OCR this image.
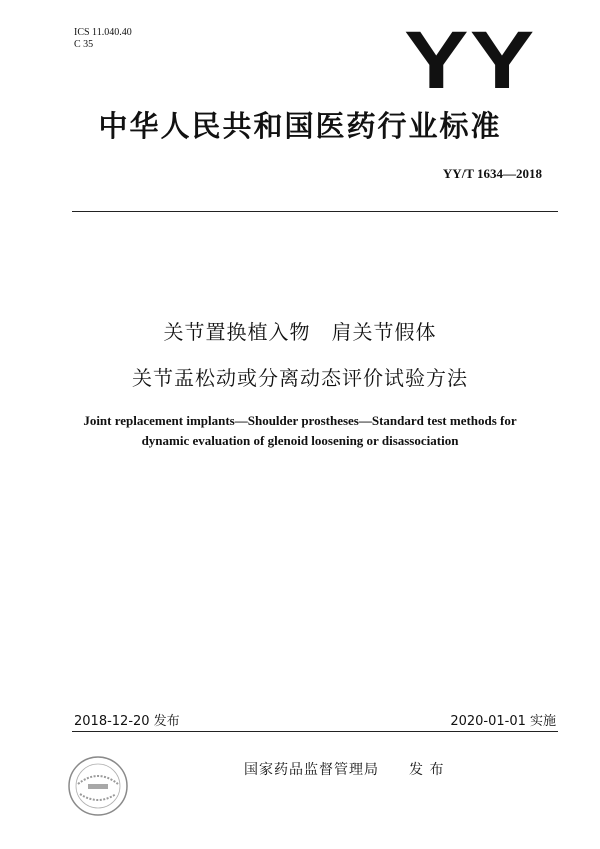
ICS 11.040.40
C 35	YY
中华人民共和国医药行业标准
YY/T 1634—2018
关节置换植入物　肩关节假体
关节盂松动或分离动态评价试验方法
Joint replacement implants—Shoulder prostheses—Standard test methods for
dynamic evaluation of glenoid loosening or disassociation
2018-12-20 发布	2020-01-01 实施
国家药品监督管理局　　发 布
